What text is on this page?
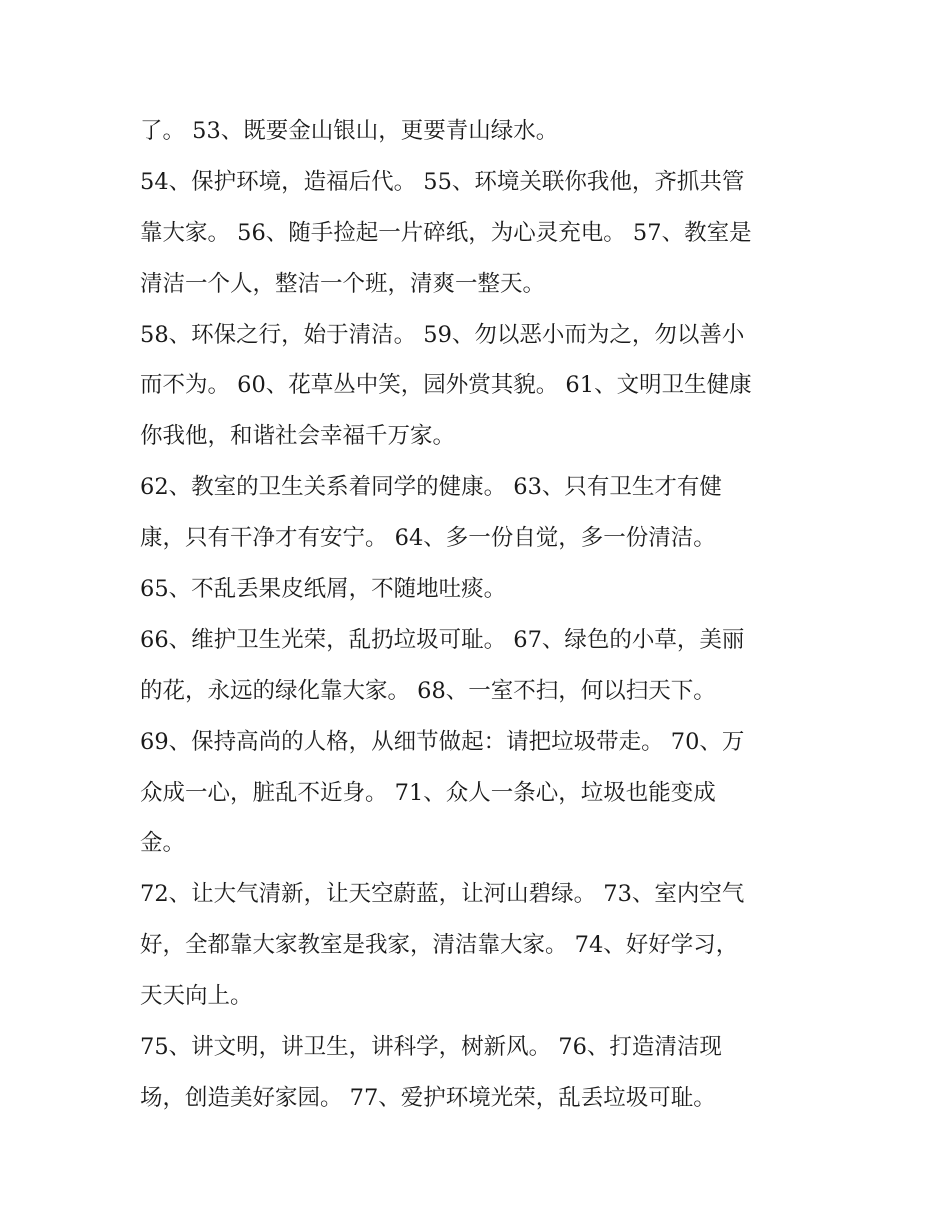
了。 53、既要金山银山，更要青山绿水。
54、保护环境，造福后代。 55、环境关联你我他，齐抓共管
靠大家。 56、随手捡起一片碎纸，为心灵充电。 57、教室是
清洁一个人，整洁一个班，清爽一整天。
58、环保之行，始于清洁。 59、勿以恶小而为之，勿以善小
而不为。 60、花草丛中笑，园外赏其貌。 61、文明卫生健康
你我他，和谐社会幸福千万家。
62、教室的卫生关系着同学的健康。 63、只有卫生才有健
康，只有干净才有安宁。 64、多一份自觉，多一份清洁。
65、不乱丢果皮纸屑，不随地吐痰。
66、维护卫生光荣，乱扔垃圾可耻。 67、绿色的小草，美丽
的花，永远的绿化靠大家。 68、一室不扫，何以扫天下。
69、保持高尚的人格，从细节做起：请把垃圾带走。 70、万
众成一心，脏乱不近身。 71、众人一条心，垃圾也能变成
金。
72、让大气清新，让天空蔚蓝，让河山碧绿。 73、室内空气
好，全都靠大家教室是我家，清洁靠大家。 74、好好学习，
天天向上。
75、讲文明，讲卫生，讲科学，树新风。 76、打造清洁现
场，创造美好家园。 77、爱护环境光荣，乱丢垃圾可耻。
